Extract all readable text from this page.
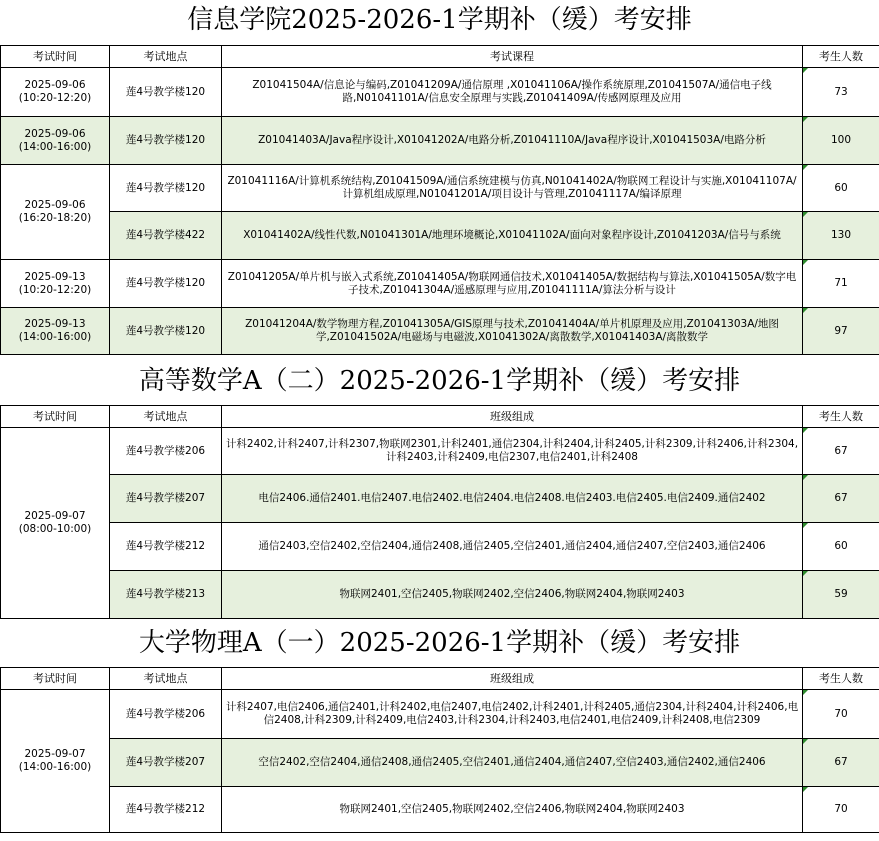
信息学院2025-2026-1学期补（缓）考安排
考试时间	考试地点	考试课程	考生人数
2025-09-06
(10:20-12:20)	莲4号教学楼120	Z01041504A/信息论与编码,Z01041209A/通信原理 ,X01041106A/操作系统原理,Z01041507A/通信电子线路,N01041101A/信息安全原理与实践,Z01041409A/传感网原理及应用	73
2025-09-06
(14:00-16:00)	莲4号教学楼120	Z01041403A/Java程序设计,X01041202A/电路分析,Z01041110A/Java程序设计,X01041503A/电路分析	100
2025-09-06
(16:20-18:20)	莲4号教学楼120	Z01041116A/计算机系统结构,Z01041509A/通信系统建模与仿真,N01041402A/物联网工程设计与实施,X01041107A/计算机组成原理,N01041201A/项目设计与管理,Z01041117A/编译原理	60
	莲4号教学楼422	X01041402A/线性代数,N01041301A/地理环境概论,X01041102A/面向对象程序设计,Z01041203A/信号与系统	130
2025-09-13
(10:20-12:20)	莲4号教学楼120	Z01041205A/单片机与嵌入式系统,Z01041405A/物联网通信技术,X01041405A/数据结构与算法,X01041505A/数字电子技术,Z01041304A/遥感原理与应用,Z01041111A/算法分析与设计	71
2025-09-13
(14:00-16:00)	莲4号教学楼120	Z01041204A/数学物理方程,Z01041305A/GIS原理与技术,Z01041404A/单片机原理及应用,Z01041303A/地图学,Z01041502A/电磁场与电磁波,X01041302A/离散数学,X01041403A/离散数学	97
高等数学A（二）2025-2026-1学期补（缓）考安排
考试时间	考试地点	班级组成	考生人数
2025-09-07
(08:00-10:00)	莲4号教学楼206	计科2402,计科2407,计科2307,物联网2301,计科2401,通信2304,计科2404,计科2405,计科2309,计科2406,计科2304,计科2403,计科2409,电信2307,电信2401,计科2408	67
	莲4号教学楼207	电信2406.通信2401.电信2407.电信2402.电信2404.电信2408.电信2403.电信2405.电信2409.通信2402	67
	莲4号教学楼212	通信2403,空信2402,空信2404,通信2408,通信2405,空信2401,通信2404,通信2407,空信2403,通信2406	60
	莲4号教学楼213	物联网2401,空信2405,物联网2402,空信2406,物联网2404,物联网2403	59
大学物理A（一）2025-2026-1学期补（缓）考安排
考试时间	考试地点	班级组成	考生人数
2025-09-07
(14:00-16:00)	莲4号教学楼206	计科2407,电信2406,通信2401,计科2402,电信2407,电信2402,计科2401,计科2405,通信2304,计科2404,计科2406,电信2408,计科2309,计科2409,电信2403,计科2304,计科2403,电信2401,电信2409,计科2408,电信2309	70
	莲4号教学楼207	空信2402,空信2404,通信2408,通信2405,空信2401,通信2404,通信2407,空信2403,通信2402,通信2406	67
	莲4号教学楼212	物联网2401,空信2405,物联网2402,空信2406,物联网2404,物联网2403	70
